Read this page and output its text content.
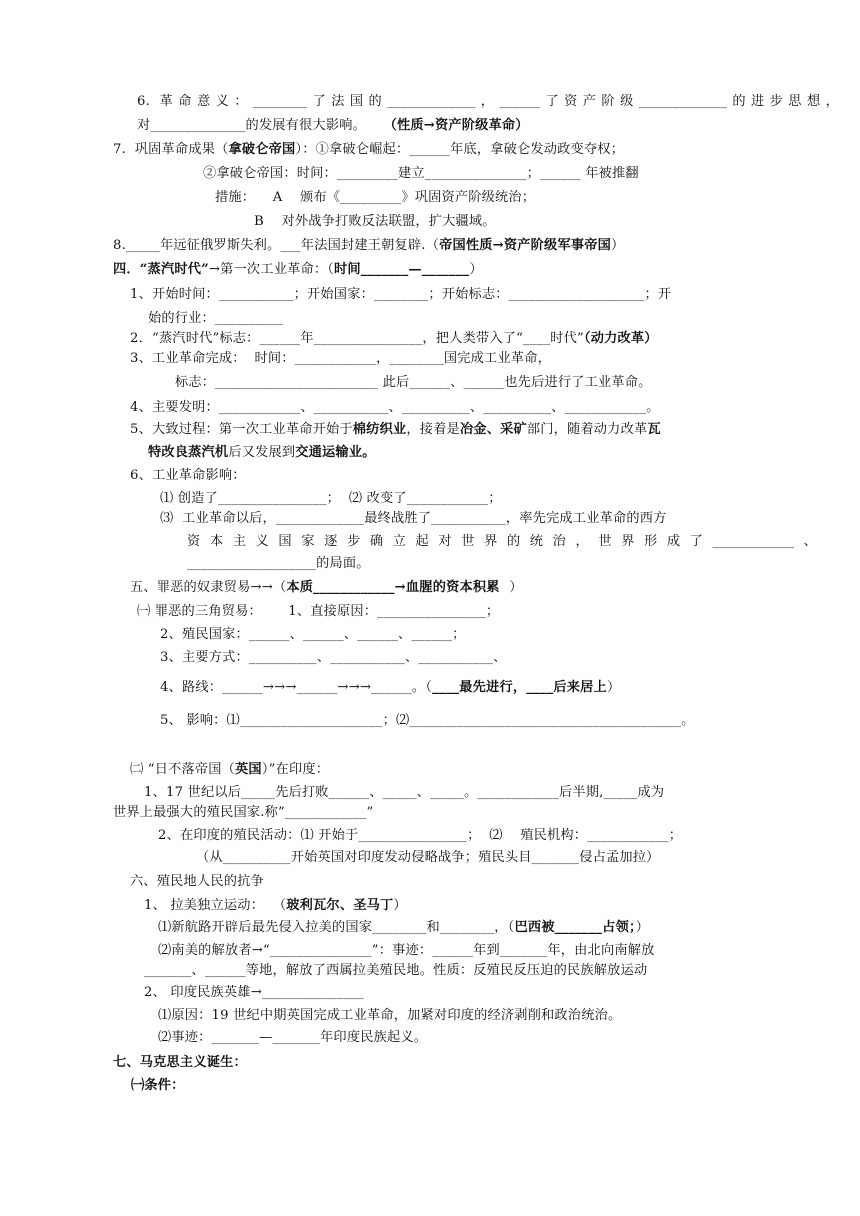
6. 革命意义：________了法国的_____________，______了资产阶级_____________的进步思想，
对______________的发展有很大影响。    （性质→资产阶级革命）
7.  巩固革命成果（拿破仑帝国）：①拿破仑崛起：______年底，拿破仑发动政变夺权；
②拿破仑帝国：时间：_________建立_______________；______ 年被推翻
措施：    A    颁布《_________》巩固资产阶级统治；
B    对外战争打败反法联盟，扩大疆域。
8._____年远征俄罗斯失利。___年法国封建王朝复辟.（帝国性质→资产阶级军事帝国）
四．“蒸汽时代”→第一次工业革命：（时间_______—_______）
1、开始时间：___________；开始国家：________；开始标志：____________________；开
始的行业：__________
2．“蒸汽时代”标志：______年________________，把人类带入了“____时代”（动力改革）
3、工业革命完成：  时间：____________，________国完成工业革命，
标志：________________________ 此后______、______也先后进行了工业革命。
4、主要发明：____________、___________、__________、__________、____________。
5、大致过程：第一次工业革命开始于棉纺织业，接着是冶金、采矿部门，随着动力改革瓦
特改良蒸汽机后又发展到交通运输业。
6、工业革命影响：
⑴ 创造了________________；  ⑵ 改变了____________；
⑶  工业革命以后，_____________最终战胜了___________，率先完成工业革命的西方
资本主义国家逐步确立起对世界的统治，世界形成了____________、
___________________的局面。
五、罪恶的奴隶贸易→→（本质____________→血腥的资本积累  ）
㈠ 罪恶的三角贸易：      1、直接原因：________________；
2、殖民国家：______、______、______、______；
3、主要方式：__________、___________、___________、
4、路线：______→→→______→→→______。（____最先进行，____后来居上）
5、 影响：⑴_____________________；⑵________________________________________。
㈡ “日不落帝国（英国）”在印度：
1、17 世纪以后_____先后打败______、_____、_____。____________后半期,_____成为
世界上最强大的殖民国家.称”____________”
2、在印度的殖民活动：⑴ 开始于________________；  ⑵    殖民机构：____________；
（从__________开始英国对印度发动侵略战争；殖民头目_______侵占孟加拉）
六、殖民地人民的抗争
1、 拉美独立运动：  （玻利瓦尔、圣马丁）
⑴新航路开辟后最先侵入拉美的国家________和________，（巴西被_______占领；）
⑵南美的解放者→“_______________”：事迹：______年到_______年，由北向南解放
_______、______等地，解放了西属拉美殖民地。性质：反殖民反压迫的民族解放运动
2、 印度民族英雄→_______________
⑴原因：19 世纪中期英国完成工业革命，加紧对印度的经济剥削和政治统治。
⑵事迹：_______—_______年印度民族起义。
七、马克思主义诞生：
㈠条件：
